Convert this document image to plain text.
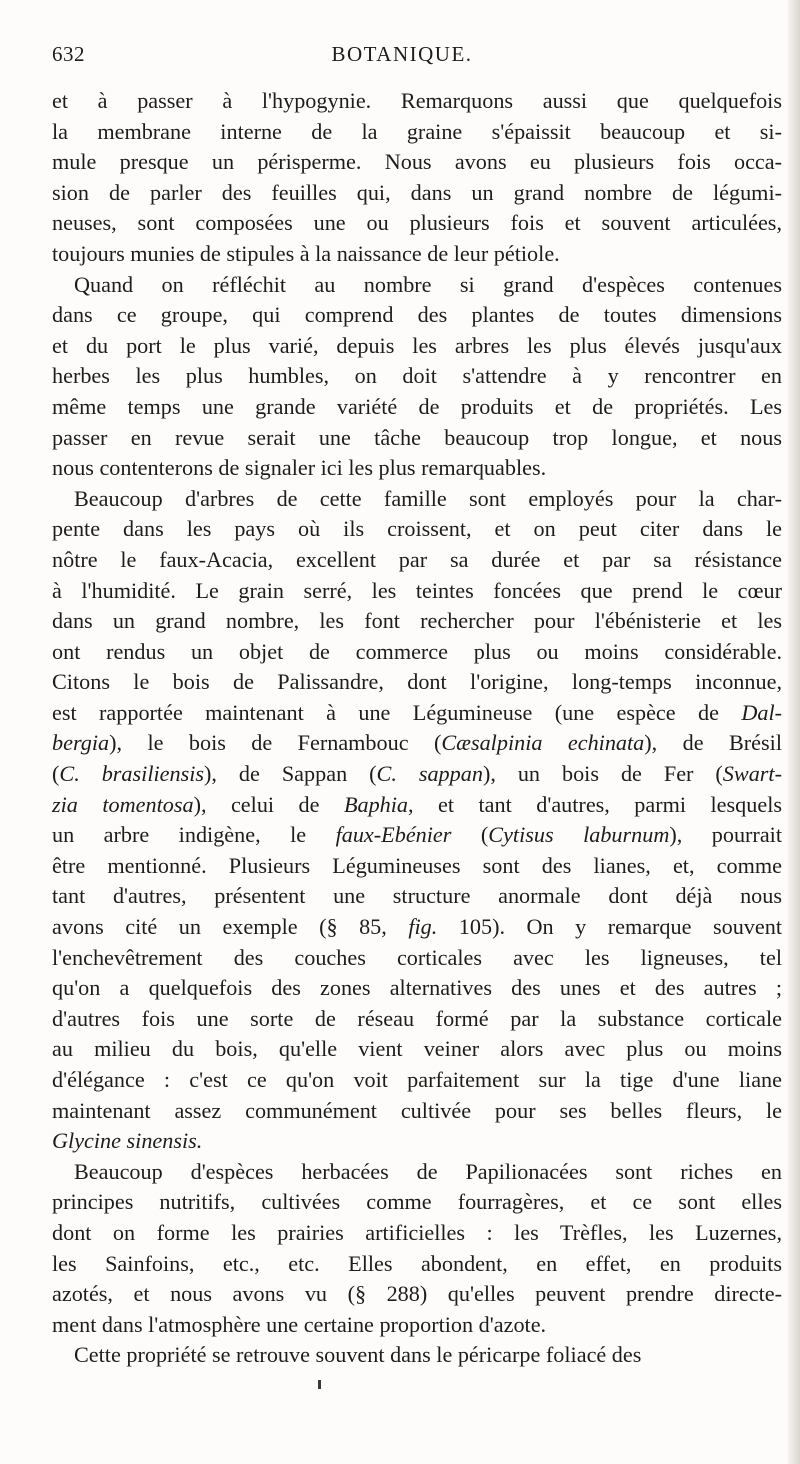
632	BOTANIQUE.
et à passer à l'hypogynie. Remarquons aussi que quelquefois
la membrane interne de la graine s'épaissit beaucoup et si-
mule presque un périsperme. Nous avons eu plusieurs fois occa-
sion de parler des feuilles qui, dans un grand nombre de légumi-
neuses, sont composées une ou plusieurs fois et souvent articulées,
toujours munies de stipules à la naissance de leur pétiole.
Quand on réfléchit au nombre si grand d'espèces contenues
dans ce groupe, qui comprend des plantes de toutes dimensions
et du port le plus varié, depuis les arbres les plus élevés jusqu'aux
herbes les plus humbles, on doit s'attendre à y rencontrer en
même temps une grande variété de produits et de propriétés. Les
passer en revue serait une tâche beaucoup trop longue, et nous
nous contenterons de signaler ici les plus remarquables.
Beaucoup d'arbres de cette famille sont employés pour la char-
pente dans les pays où ils croissent, et on peut citer dans le
nôtre le faux-Acacia, excellent par sa durée et par sa résistance
à l'humidité. Le grain serré, les teintes foncées que prend le cœur
dans un grand nombre, les font rechercher pour l'ébénisterie et les
ont rendus un objet de commerce plus ou moins considérable.
Citons le bois de Palissandre, dont l'origine, long-temps inconnue,
est rapportée maintenant à une Légumineuse (une espèce de Dal-
bergia), le bois de Fernambouc (Cæsalpinia echinata), de Brésil
(C. brasiliensis), de Sappan (C. sappan), un bois de Fer (Swart-
zia tomentosa), celui de Baphia, et tant d'autres, parmi lesquels
un arbre indigène, le faux-Ebénier (Cytisus laburnum), pourrait
être mentionné. Plusieurs Légumineuses sont des lianes, et, comme
tant d'autres, présentent une structure anormale dont déjà nous
avons cité un exemple (§ 85, fig. 105). On y remarque souvent
l'enchevêtrement des couches corticales avec les ligneuses, tel
qu'on a quelquefois des zones alternatives des unes et des autres ;
d'autres fois une sorte de réseau formé par la substance corticale
au milieu du bois, qu'elle vient veiner alors avec plus ou moins
d'élégance : c'est ce qu'on voit parfaitement sur la tige d'une liane
maintenant assez communément cultivée pour ses belles fleurs, le
Glycine sinensis.
Beaucoup d'espèces herbacées de Papilionacées sont riches en
principes nutritifs, cultivées comme fourragères, et ce sont elles
dont on forme les prairies artificielles : les Trèfles, les Luzernes,
les Sainfoins, etc., etc. Elles abondent, en effet, en produits
azotés, et nous avons vu (§ 288) qu'elles peuvent prendre directe-
ment dans l'atmosphère une certaine proportion d'azote.
Cette propriété se retrouve souvent dans le péricarpe foliacé des
